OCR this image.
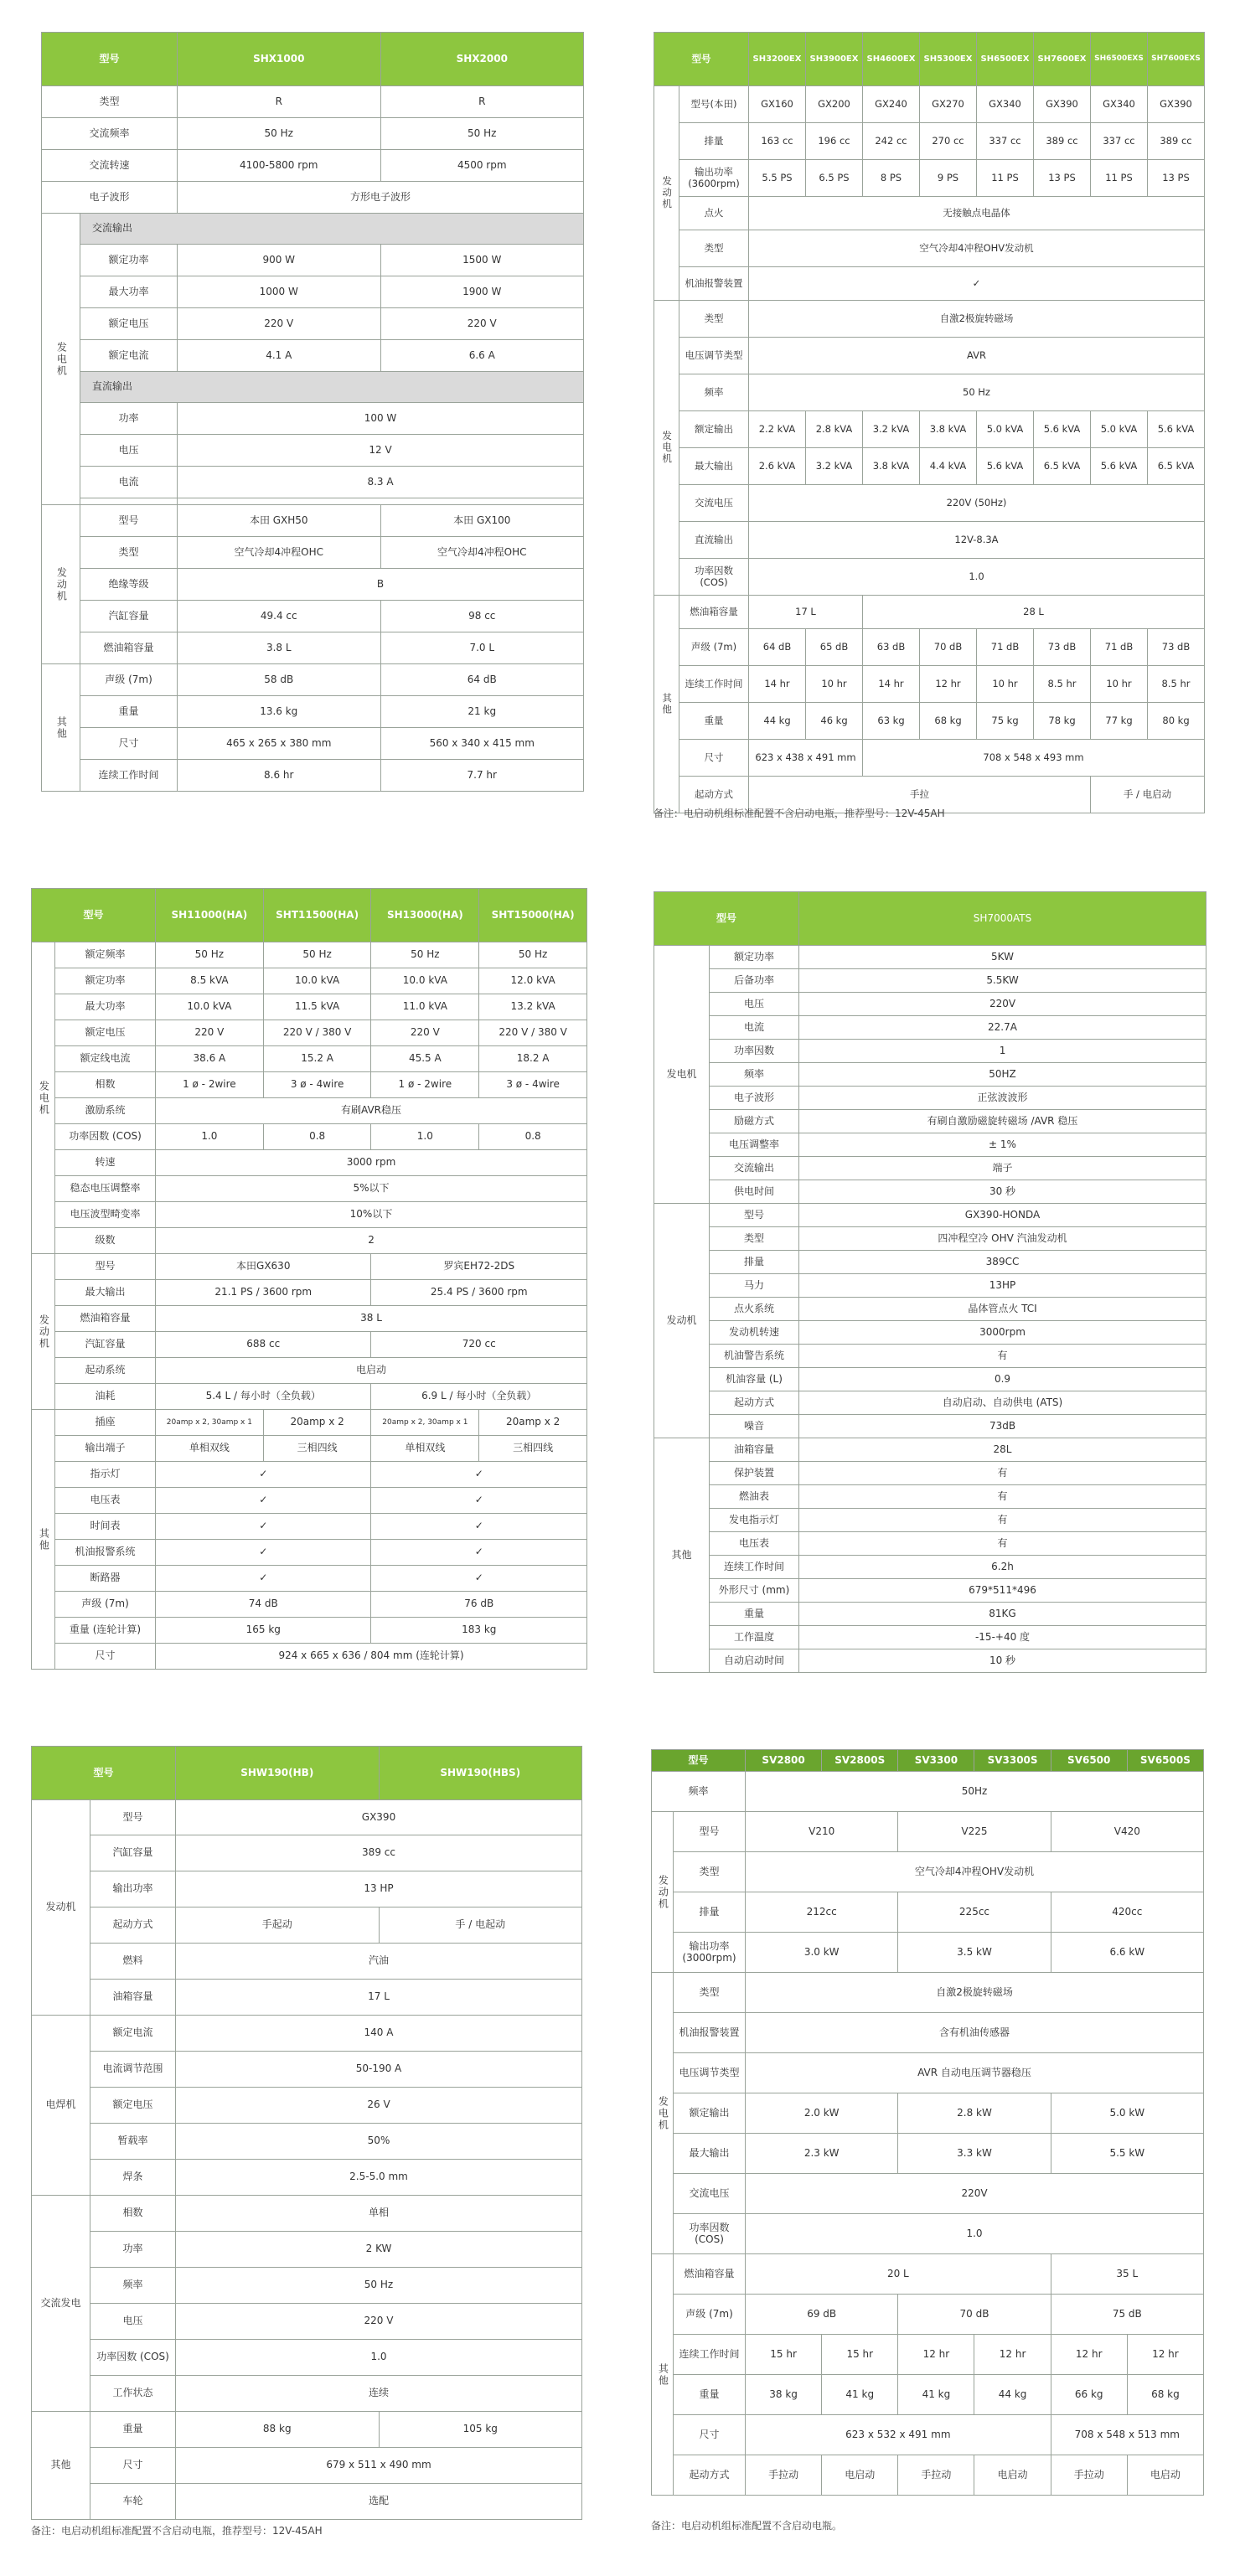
型号		SHX1000	SHX2000
类型		R	R
交流频率		50 Hz	50 Hz
交流转速		4100-5800 rpm	4500 rpm
电子波形		方形电子波形	
发电机	交流输出		
	额定功率	900 W	1500 W
	最大功率	1000 W	1900 W
	额定电压	220 V	220 V
	额定电流	4.1 A	6.6 A
	直流输出		
	功率	100 W	
	电压	12 V	
	电流	8.3 A	

发动机	型号	本田 GXH50	本田 GX100
	类型	空气冷却4冲程OHC	空气冷却4冲程OHC
	绝缘等级	B	
	汽缸容量	49.4 cc	98 cc
	燃油箱容量	3.8 L	7.0 L
其他	声级 (7m)	58 dB	64 dB
	重量	13.6 kg	21 kg
	尺寸	465 x 265 x 380 mm	560 x 340 x 415 mm
	连续工作时间	8.6 hr	7.7 hr
型号		SH3200EX	SH3900EX	SH4600EX	SH5300EX	SH6500EX	SH7600EX	SH6500EXS	SH7600EXS
发动机	型号(本田)	GX160	GX200	GX240	GX270	GX340	GX390	GX340	GX390
	排量	163 cc	196 cc	242 cc	270 cc	337 cc	389 cc	337 cc	389 cc
	输出功率 (3600rpm)	5.5 PS	6.5 PS	8 PS	9 PS	11 PS	13 PS	11 PS	13 PS
	点火	无接触点电晶体							
	类型	空气冷却4冲程OHV发动机							
	机油报警装置	✓							
发电机	类型	自激2极旋转磁场							
	电压调节类型	AVR							
	频率	50 Hz							
	额定输出	2.2 kVA	2.8 kVA	3.2 kVA	3.8 kVA	5.0 kVA	5.6 kVA	5.0 kVA	5.6 kVA
	最大输出	2.6 kVA	3.2 kVA	3.8 kVA	4.4 kVA	5.6 kVA	6.5 kVA	5.6 kVA	6.5 kVA
	交流电压	220V (50Hz)							
	直流输出	12V-8.3A							
	功率因数 (COS)	1.0							
其他	燃油箱容量	17 L		28 L					
	声级 (7m)	64 dB	65 dB	63 dB	70 dB	71 dB	73 dB	71 dB	73 dB
	连续工作时间	14 hr	10 hr	14 hr	12 hr	10 hr	8.5 hr	10 hr	8.5 hr
	重量	44 kg	46 kg	63 kg	68 kg	75 kg	78 kg	77 kg	80 kg
	尺寸	623 x 438 x 491 mm		708 x 548 x 493 mm					
	起动方式	手拉						手 / 电启动	
备注：电启动机组标准配置不含启动电瓶，推荐型号：12V-45AH
型号		SH11000(HA)	SHT11500(HA)	SH13000(HA)	SHT15000(HA)
发电机	额定频率	50 Hz	50 Hz	50 Hz	50 Hz
	额定功率	8.5 kVA	10.0 kVA	10.0 kVA	12.0 kVA
	最大功率	10.0 kVA	11.5 kVA	11.0 kVA	13.2 kVA
	额定电压	220 V	220 V / 380 V	220 V	220 V / 380 V
	额定线电流	38.6 A	15.2 A	45.5 A	18.2 A
	相数	1 ø - 2wire	3 ø - 4wire	1 ø - 2wire	3 ø - 4wire
	激励系统	有刷AVR稳压			
	功率因数 (COS)	1.0	0.8	1.0	0.8
	转速	3000 rpm			
	稳态电压调整率	5%以下			
	电压波型畸变率	10%以下			
	级数	2			
发动机	型号	本田GX630		罗宾EH72-2DS	
	最大输出	21.1 PS / 3600 rpm		25.4 PS / 3600 rpm	
	燃油箱容量	38 L			
	汽缸容量	688 cc		720 cc	
	起动系统	电启动			
	油耗	5.4 L / 每小时（全负载）		6.9 L / 每小时（全负载）	
其他	插座	20amp x 2, 30amp x 1	20amp x 2	20amp x 2, 30amp x 1	20amp x 2
	输出端子	单相双线	三相四线	单相双线	三相四线
	指示灯	✓		✓	
	电压表	✓		✓	
	时间表	✓		✓	
	机油报警系统	✓		✓	
	断路器	✓		✓	
	声级 (7m)	74 dB		76 dB	
	重量 (连轮计算)	165 kg		183 kg	
	尺寸	924 x 665 x 636 / 804 mm (连轮计算)			
型号		SH7000ATS
发电机	额定功率	5KW
	后备功率	5.5KW
	电压	220V
	电流	22.7A
	功率因数	1
	频率	50HZ
	电子波形	正弦波波形
	励磁方式	有刷自激励磁旋转磁场 /AVR 稳压
	电压调整率	± 1%
	交流输出	端子
	供电时间	30 秒
发动机	型号	GX390-HONDA
	类型	四冲程空冷 OHV 汽油发动机
	排量	389CC
	马力	13HP
	点火系统	晶体管点火 TCI
	发动机转速	3000rpm
	机油警告系统	有
	机油容量 (L)	0.9
	起动方式	自动启动、自动供电 (ATS)
	噪音	73dB
其他	油箱容量	28L
	保护装置	有
	燃油表	有
	发电指示灯	有
	电压表	有
	连续工作时间	6.2h
	外形尺寸 (mm)	679*511*496
	重量	81KG
	工作温度	-15-+40 度
	自动启动时间	10 秒
型号		SHW190(HB)	SHW190(HBS)
发动机	型号	GX390	
	汽缸容量	389 cc	
	输出功率	13 HP	
	起动方式	手起动	手 / 电起动
	燃料	汽油	
	油箱容量	17 L	
电焊机	额定电流	140 A	
	电流调节范围	50-190 A	
	额定电压	26 V	
	暂载率	50%	
	焊条	2.5-5.0 mm	
交流发电	相数	单相	
	功率	2 KW	
	频率	50 Hz	
	电压	220 V	
	功率因数 (COS)	1.0	
	工作状态	连续	
其他	重量	88 kg	105 kg
	尺寸	679 x 511 x 490 mm	
	车轮	选配	
备注：电启动机组标准配置不含启动电瓶，推荐型号：12V-45AH
型号		SV2800	SV2800S	SV3300	SV3300S	SV6500	SV6500S
频率		50Hz					
发动机	型号	V210		V225		V420	
	类型	空气冷却4冲程OHV发动机					
	排量	212cc		225cc		420cc	
	输出功率 (3000rpm)	3.0 kW		3.5 kW		6.6 kW	
发电机	类型	自激2极旋转磁场					
	机油报警装置	含有机油传感器					
	电压调节类型	AVR 自动电压调节器稳压					
	额定输出	2.0 kW		2.8 kW		5.0 kW	
	最大输出	2.3 kW		3.3 kW		5.5 kW	
	交流电压	220V					
	功率因数 (COS)	1.0					
其他	燃油箱容量	20 L				35 L	
	声级 (7m)	69 dB		70 dB		75 dB	
	连续工作时间	15 hr	15 hr	12 hr	12 hr	12 hr	12 hr
	重量	38 kg	41 kg	41 kg	44 kg	66 kg	68 kg
	尺寸	623 x 532 x 491 mm				708 x 548 x 513 mm	
	起动方式	手拉动	电启动	手拉动	电启动	手拉动	电启动
备注：电启动机组标准配置不含启动电瓶。
